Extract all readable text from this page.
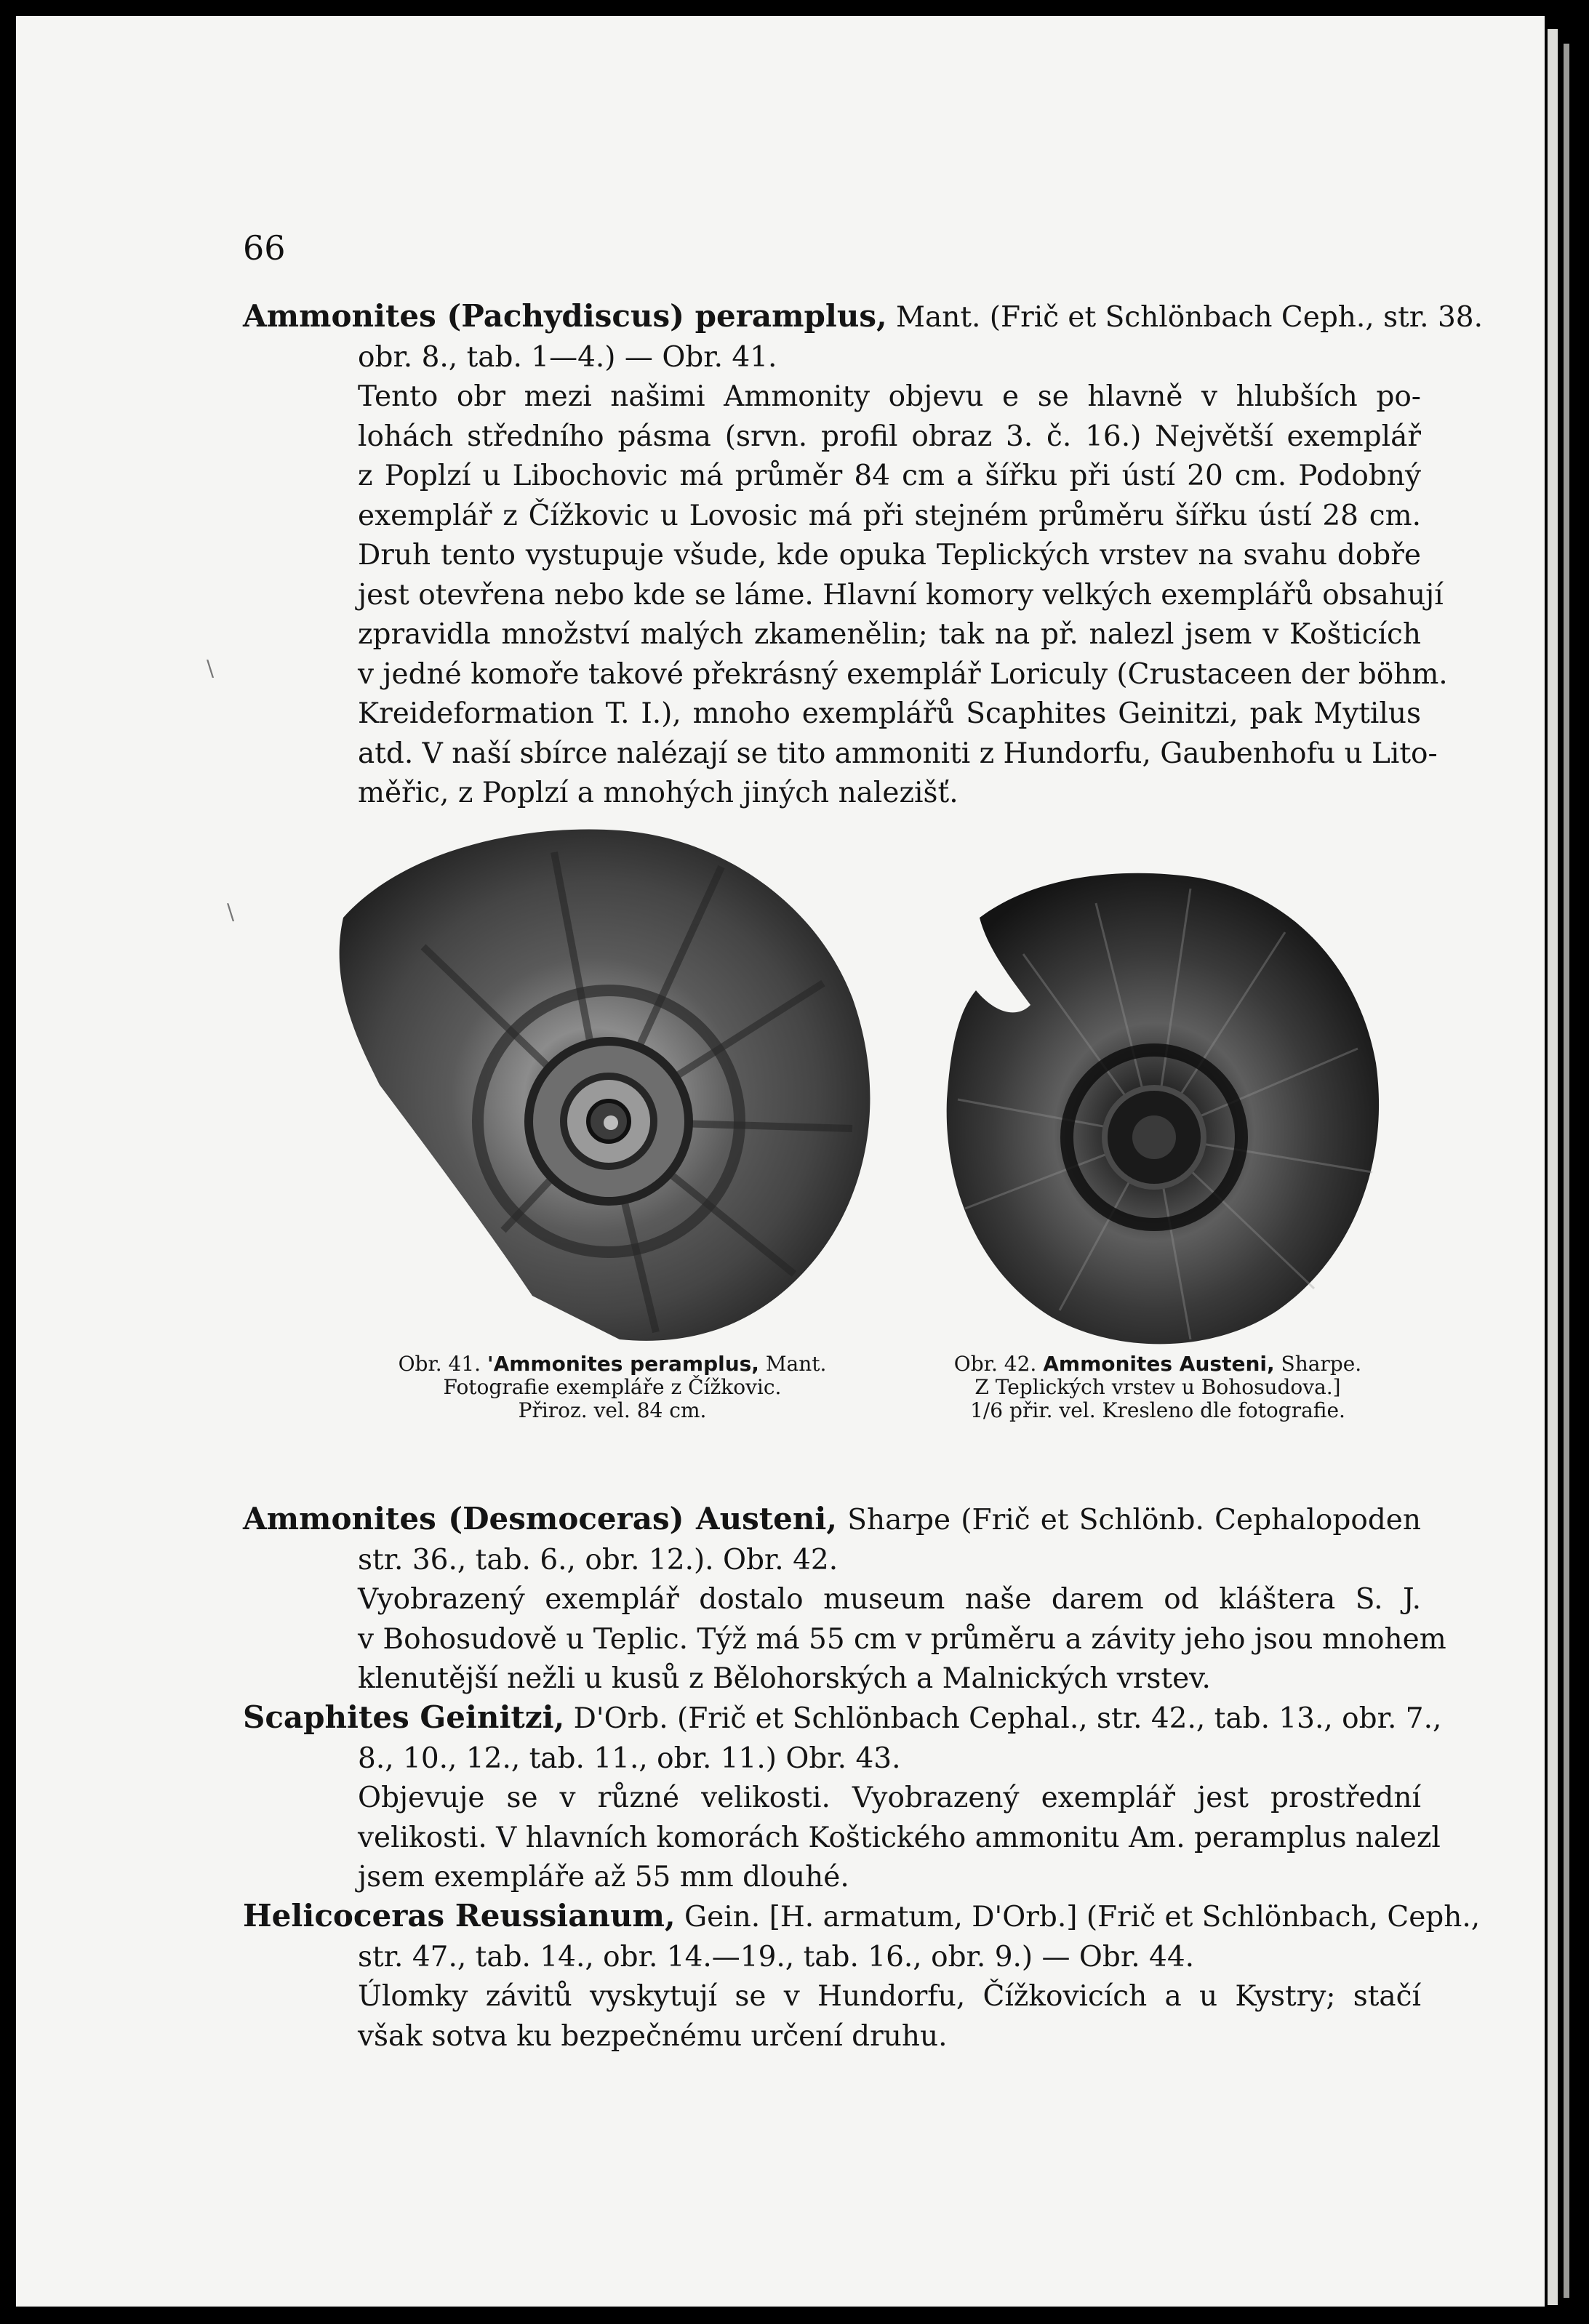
66
Ammonites (Pachydiscus) peramplus, Mant. (Frič et Schlönbach Ceph., str. 38.
obr. 8., tab. 1—4.) — Obr. 41.
Tento obr mezi našimi Ammonity objevu e se hlavně v hlubších po-
lohách středního pásma (srvn. profil obraz 3. č. 16.) Největší exemplář
z Poplzí u Libochovic má průměr 84 cm a šířku při ústí 20 cm. Podobný
exemplář z Čížkovic u Lovosic má při stejném průměru šířku ústí 28 cm.
Druh tento vystupuje všude, kde opuka Teplických vrstev na svahu dobře
jest otevřena nebo kde se láme. Hlavní komory velkých exemplářů obsahují
zpravidla množství malých zkamenělin; tak na př. nalezl jsem v Košticích
v jedné komoře takové překrásný exemplář Loriculy (Crustaceen der böhm.
Kreideformation T. I.), mnoho exemplářů Scaphites Geinitzi, pak Mytilus
atd. V naší sbírce nalézají se tito ammoniti z Hundorfu, Gaubenhofu u Lito-
měřic, z Poplzí a mnohých jiných nalezišť.
\
\
Obr. 41. 'Ammonites peramplus, Mant.
Fotografie exempláře z Čížkovic.
Přiroz. vel. 84 cm.
Obr. 42. Ammonites Austeni, Sharpe.
Z Teplických vrstev u Bohosudova.]
1/6 přir. vel. Kresleno dle fotografie.
Ammonites (Desmoceras) Austeni, Sharpe (Frič et Schlönb. Cephalopoden
str. 36., tab. 6., obr. 12.). Obr. 42.
Vyobrazený exemplář dostalo museum naše darem od kláštera S. J.
v Bohosudově u Teplic. Týž má 55 cm v průměru a závity jeho jsou mnohem
klenutější nežli u kusů z Bělohorských a Malnických vrstev.
Scaphites Geinitzi, D'Orb. (Frič et Schlönbach Cephal., str. 42., tab. 13., obr. 7.,
8., 10., 12., tab. 11., obr. 11.) Obr. 43.
Objevuje se v různé velikosti. Vyobrazený exemplář jest prostřední
velikosti. V hlavních komorách Koštického ammonitu Am. peramplus nalezl
jsem exempláře až 55 mm dlouhé.
Helicoceras Reussianum, Gein. [H. armatum, D'Orb.] (Frič et Schlönbach, Ceph.,
str. 47., tab. 14., obr. 14.—19., tab. 16., obr. 9.) — Obr. 44.
Úlomky závitů vyskytují se v Hundorfu, Čížkovicích a u Kystry; stačí
však sotva ku bezpečnému určení druhu.
